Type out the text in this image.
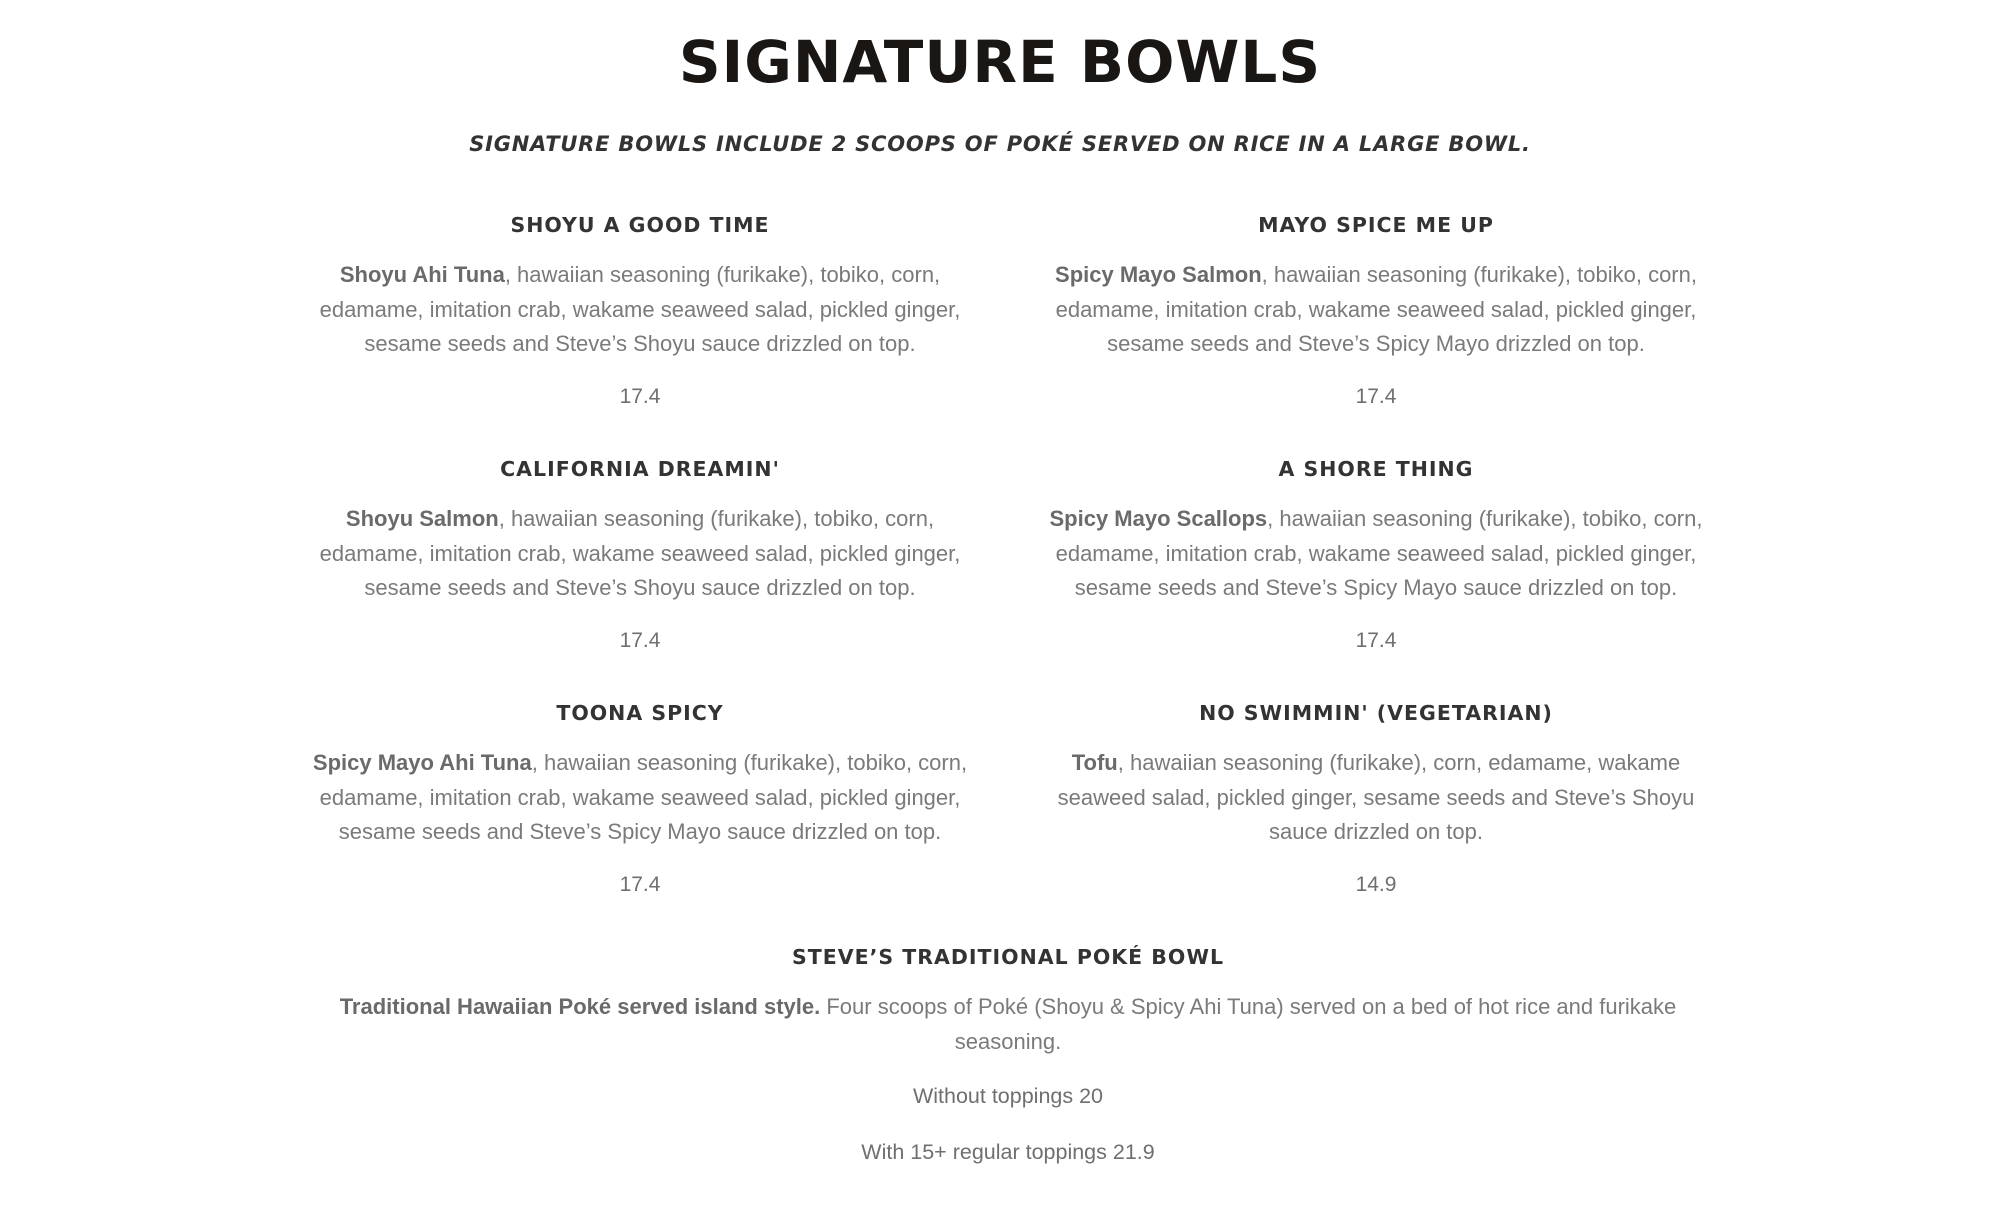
SIGNATURE BOWLS

SIGNATURE BOWLS INCLUDE 2 SCOOPS OF POKÉ SERVED ON RICE IN A LARGE BOWL.

SHOYU A GOOD TIME

Shoyu Ahi Tuna, hawaiian seasoning (furikake), tobiko, corn, edamame, imitation crab, wakame seaweed salad, pickled ginger, sesame seeds and Steve’s Shoyu sauce drizzled on top.

17.4
MAYO SPICE ME UP

Spicy Mayo Salmon, hawaiian seasoning (furikake), tobiko, corn, edamame, imitation crab, wakame seaweed salad, pickled ginger, sesame seeds and Steve’s Spicy Mayo drizzled on top.

17.4
CALIFORNIA DREAMIN'

Shoyu Salmon, hawaiian seasoning (furikake), tobiko, corn, edamame, imitation crab, wakame seaweed salad, pickled ginger, sesame seeds and Steve’s Shoyu sauce drizzled on top.

17.4
A SHORE THING

Spicy Mayo Scallops, hawaiian seasoning (furikake), tobiko, corn, edamame, imitation crab, wakame seaweed salad, pickled ginger, sesame seeds and Steve’s Spicy Mayo sauce drizzled on top.

17.4
TOONA SPICY

Spicy Mayo Ahi Tuna, hawaiian seasoning (furikake), tobiko, corn, edamame, imitation crab, wakame seaweed salad, pickled ginger, sesame seeds and Steve’s Spicy Mayo sauce drizzled on top.

17.4
NO SWIMMIN' (VEGETARIAN)

Tofu, hawaiian seasoning (furikake), corn, edamame, wakame seaweed salad, pickled ginger, sesame seeds and Steve’s Shoyu sauce drizzled on top.

14.9
STEVE’S TRADITIONAL POKÉ BOWL

Traditional Hawaiian Poké served island style. Four scoops of Poké (Shoyu & Spicy Ahi Tuna) served on a bed of hot rice and furikake seasoning.

Without toppings 20
With 15+ regular toppings 21.9
